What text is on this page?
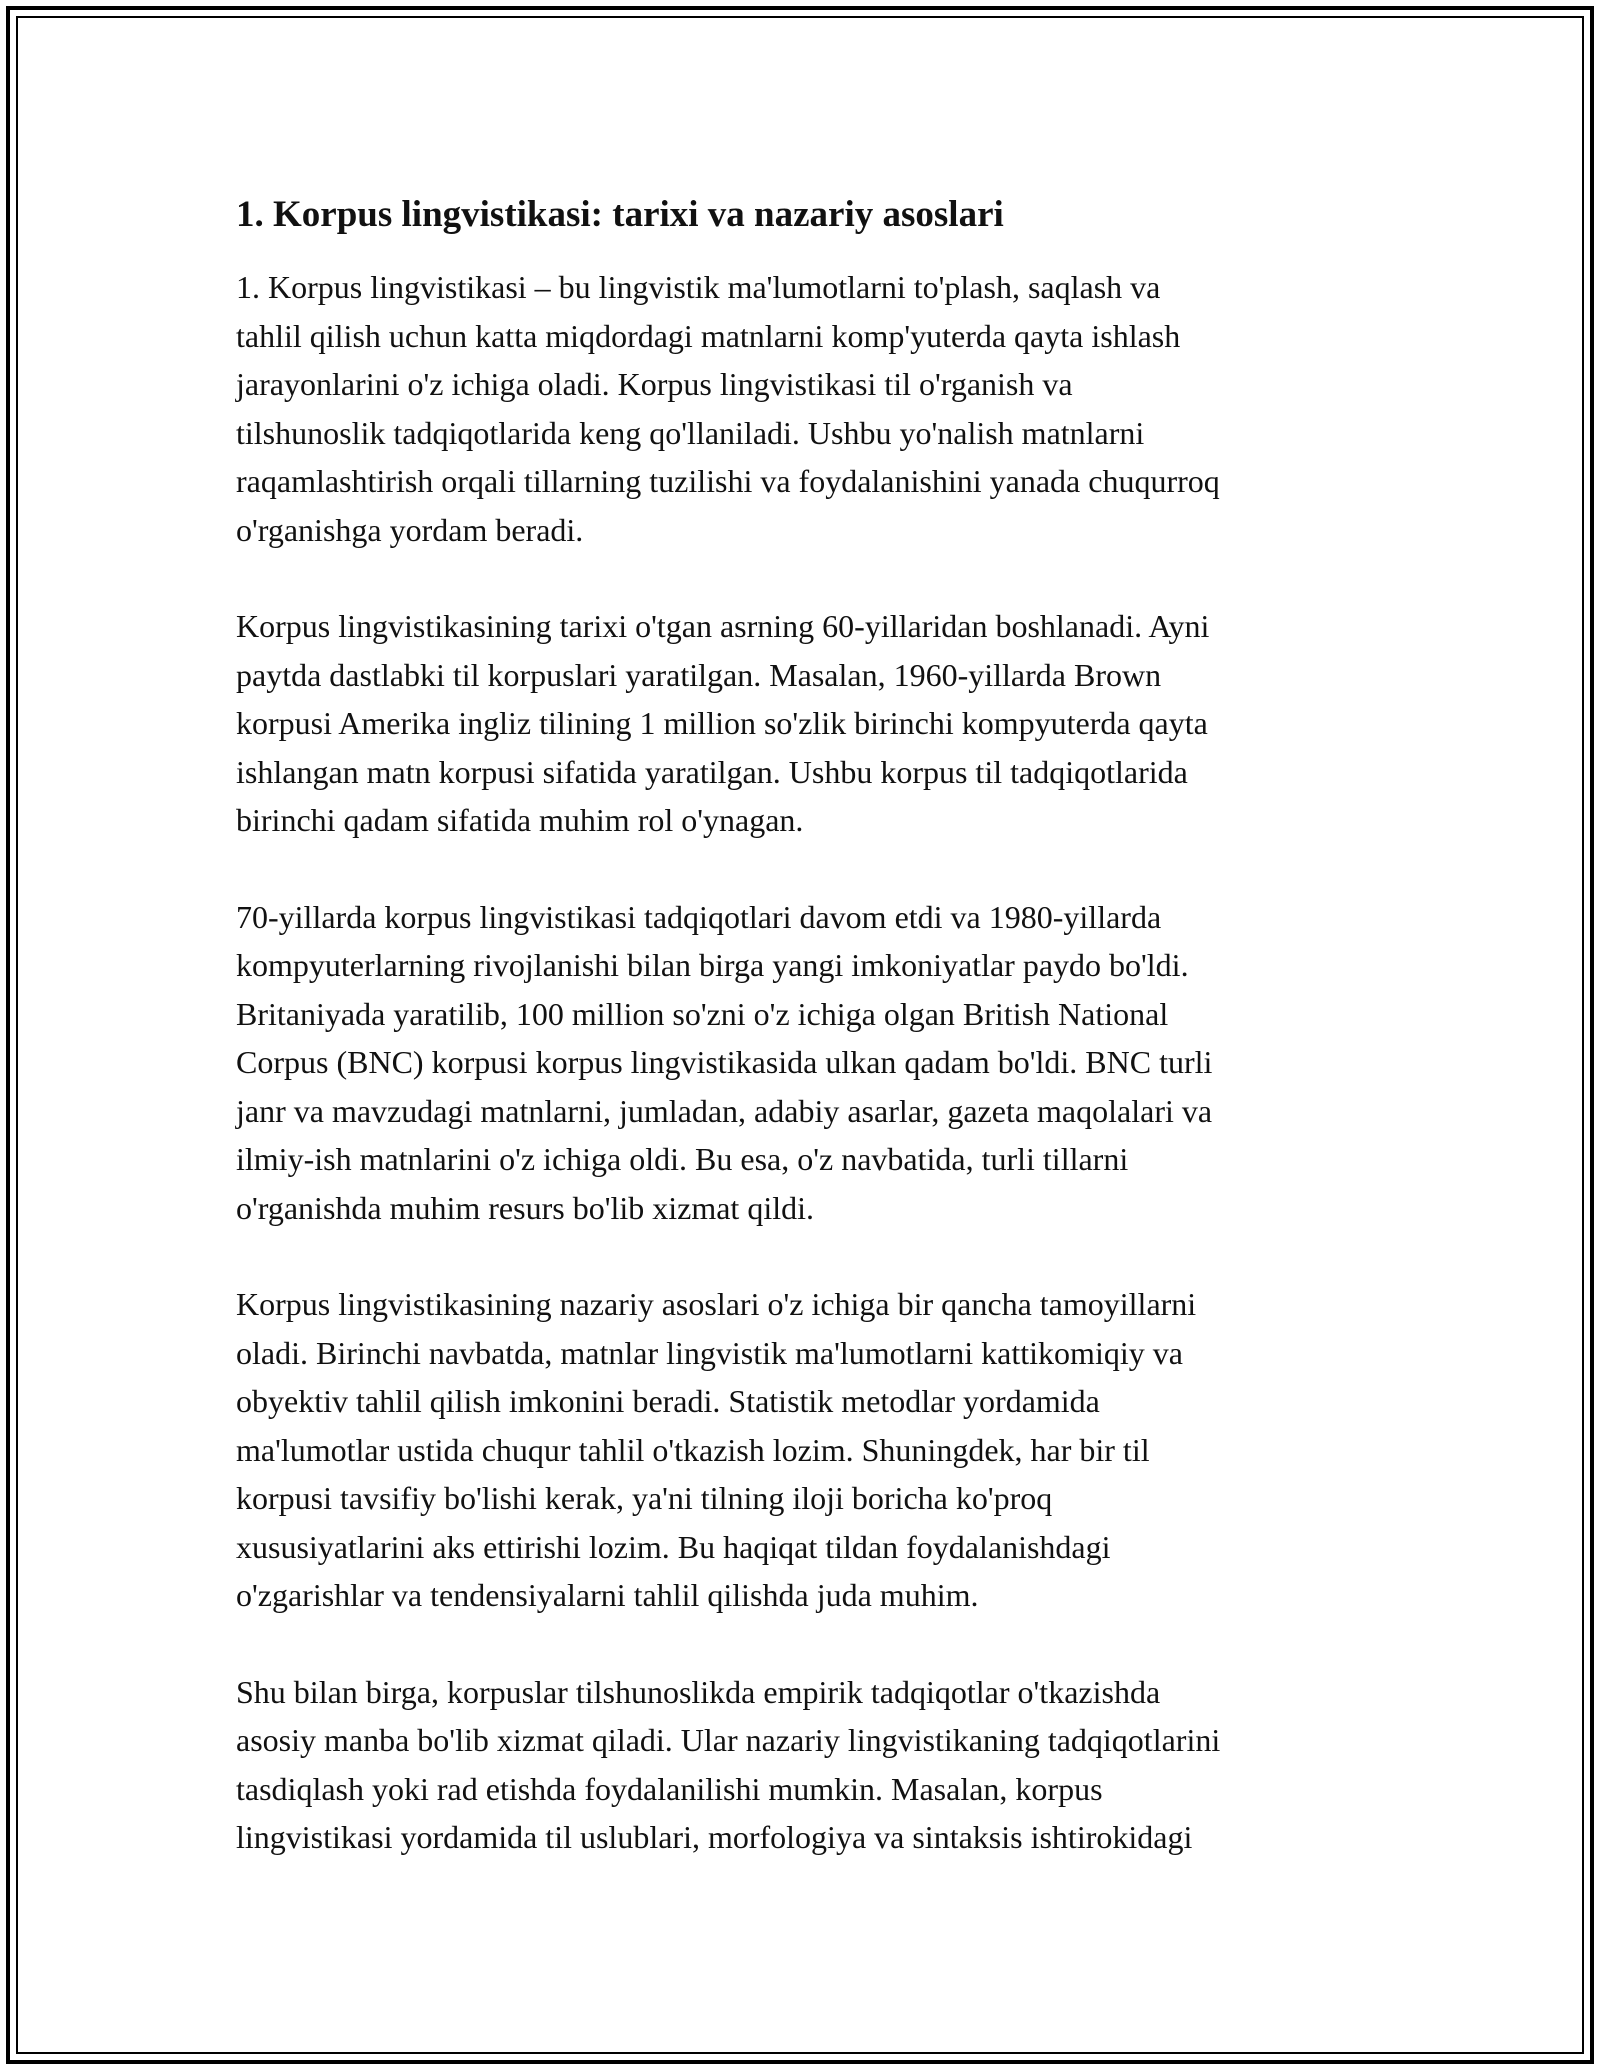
1. Korpus lingvistikasi: tarixi va nazariy asoslari

1. Korpus lingvistikasi – bu lingvistik ma'lumotlarni to'plash, saqlash va
tahlil qilish uchun katta miqdordagi matnlarni komp'yuterda qayta ishlash
jarayonlarini o'z ichiga oladi. Korpus lingvistikasi til o'rganish va
tilshunoslik tadqiqotlarida keng qo'llaniladi. Ushbu yo'nalish matnlarni
raqamlashtirish orqali tillarning tuzilishi va foydalanishini yanada chuqurroq
o'rganishga yordam beradi.

Korpus lingvistikasining tarixi o'tgan asrning 60-yillaridan boshlanadi. Ayni
paytda dastlabki til korpuslari yaratilgan. Masalan, 1960-yillarda Brown
korpusi Amerika ingliz tilining 1 million so'zlik birinchi kompyuterda qayta
ishlangan matn korpusi sifatida yaratilgan. Ushbu korpus til tadqiqotlarida
birinchi qadam sifatida muhim rol o'ynagan.

70-yillarda korpus lingvistikasi tadqiqotlari davom etdi va 1980-yillarda
kompyuterlarning rivojlanishi bilan birga yangi imkoniyatlar paydo bo'ldi.
Britaniyada yaratilib, 100 million so'zni o'z ichiga olgan British National
Corpus (BNC) korpusi korpus lingvistikasida ulkan qadam bo'ldi. BNC turli
janr va mavzudagi matnlarni, jumladan, adabiy asarlar, gazeta maqolalari va
ilmiy-ish matnlarini o'z ichiga oldi. Bu esa, o'z navbatida, turli tillarni
o'rganishda muhim resurs bo'lib xizmat qildi.

Korpus lingvistikasining nazariy asoslari o'z ichiga bir qancha tamoyillarni
oladi. Birinchi navbatda, matnlar lingvistik ma'lumotlarni kattikomiqiy va
obyektiv tahlil qilish imkonini beradi. Statistik metodlar yordamida
ma'lumotlar ustida chuqur tahlil o'tkazish lozim. Shuningdek, har bir til
korpusi tavsifiy bo'lishi kerak, ya'ni tilning iloji boricha ko'proq
xususiyatlarini aks ettirishi lozim. Bu haqiqat tildan foydalanishdagi
o'zgarishlar va tendensiyalarni tahlil qilishda juda muhim.

Shu bilan birga, korpuslar tilshunoslikda empirik tadqiqotlar o'tkazishda
asosiy manba bo'lib xizmat qiladi. Ular nazariy lingvistikaning tadqiqotlarini
tasdiqlash yoki rad etishda foydalanilishi mumkin. Masalan, korpus
lingvistikasi yordamida til uslublari, morfologiya va sintaksis ishtirokidagi
